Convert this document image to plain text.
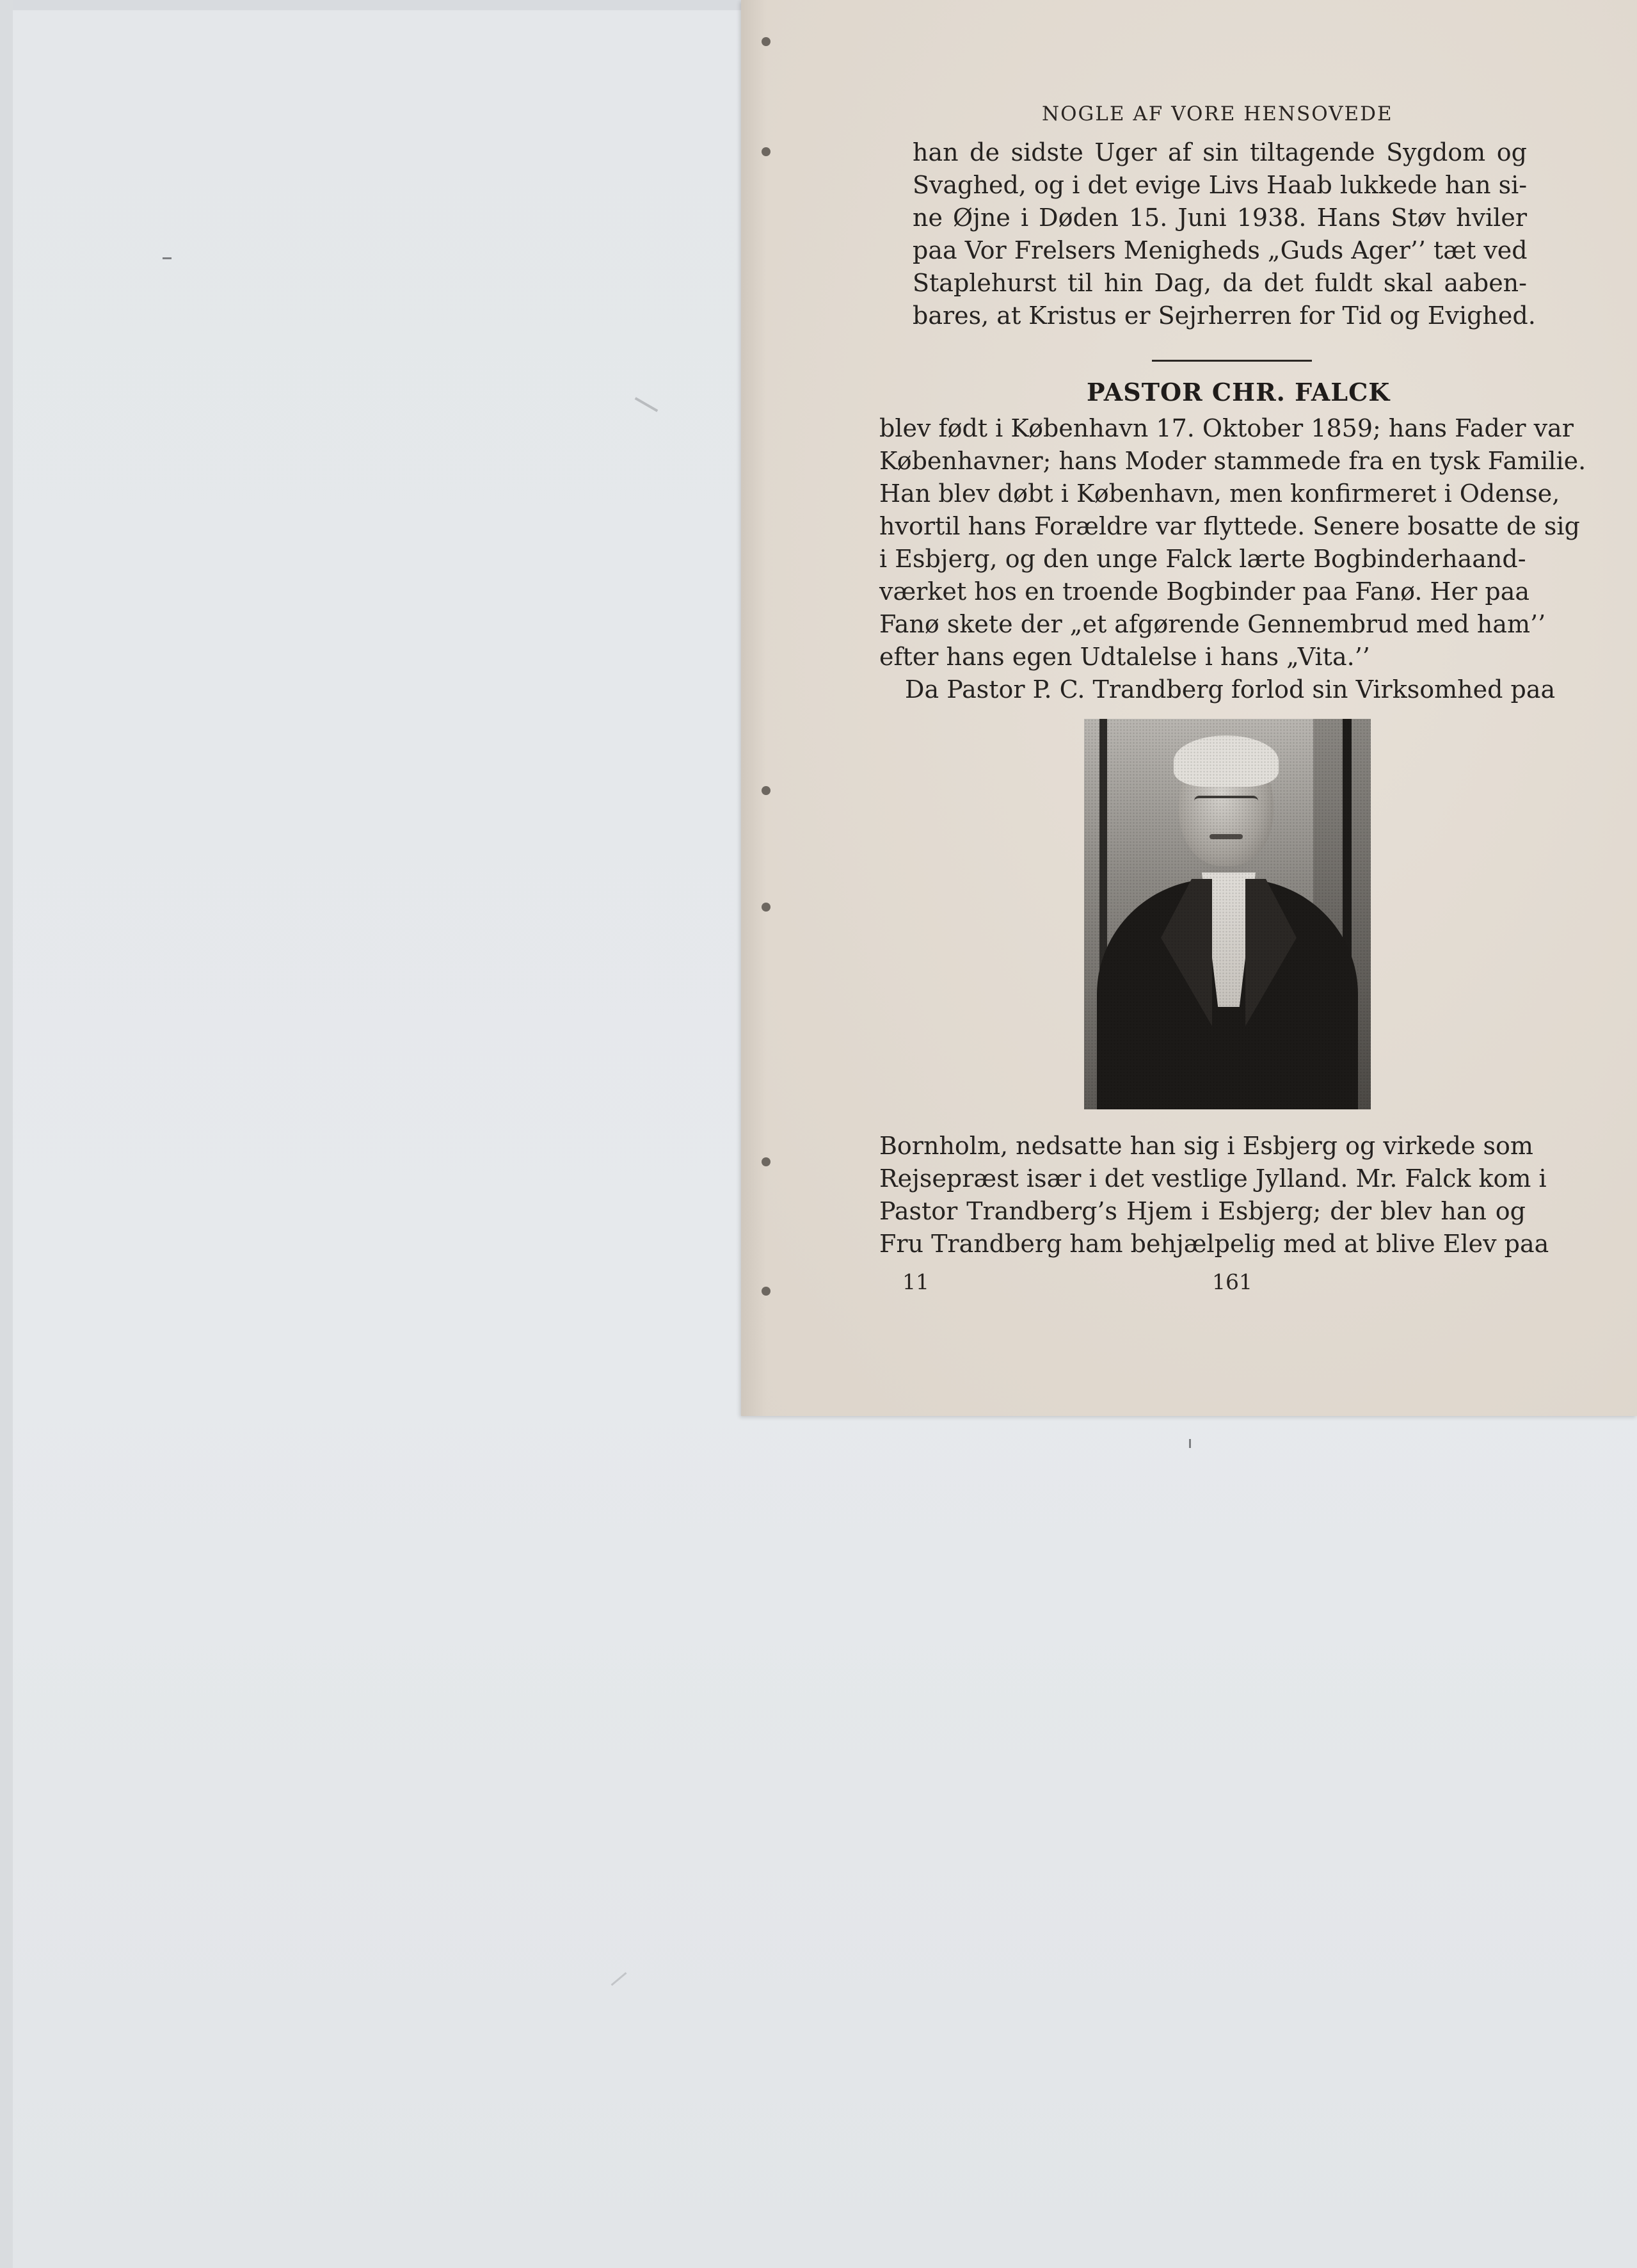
NOGLE AF VORE HENSOVEDE
han de sidste Uger af sin tiltagende Sygdom og
Svaghed, og i det evige Livs Haab lukkede han si-
ne Øjne i Døden 15. Juni 1938. Hans Støv hviler
paa Vor Frelsers Menigheds „Guds Ager’’ tæt ved
Staplehurst til hin Dag, da det fuldt skal aaben-
bares, at Kristus er Sejrherren for Tid og Evighed.
PASTOR CHR. FALCK
blev født i København 17. Oktober 1859; hans Fader var
Københavner; hans Moder stammede fra en tysk Familie.
Han blev døbt i København, men konfirmeret i Odense,
hvortil hans Forældre var flyttede. Senere bosatte de sig
i Esbjerg, og den unge Falck lærte Bogbinderhaand-
værket hos en troende Bogbinder paa Fanø. Her paa
Fanø skete der „et afgørende Gennembrud med ham’’
efter hans egen Udtalelse i hans „Vita.’’
Da Pastor P. C. Trandberg forlod sin Virksomhed paa
Bornholm, nedsatte han sig i Esbjerg og virkede som
Rejsepræst især i det vestlige Jylland. Mr. Falck kom i
Pastor Trandberg’s Hjem i Esbjerg; der blev han og
Fru Trandberg ham behjælpelig med at blive Elev paa
11	161
